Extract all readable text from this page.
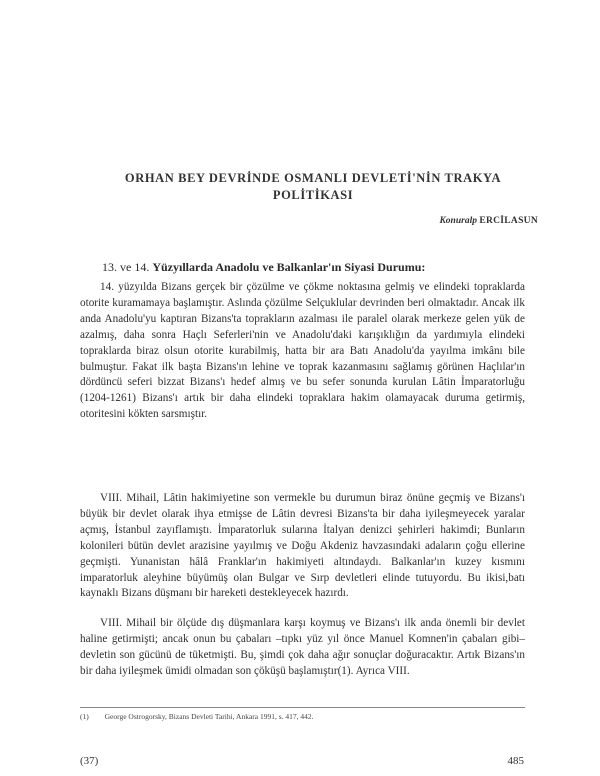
ORHAN BEY DEVRİNDE OSMANLI DEVLETİ'NİN TRAKYA
POLİTİKASI
Konuralp ERCİLASUN
13. ve 14. Yüzyıllarda Anadolu ve Balkanlar'ın Siyasi Durumu:

14. yüzyılda Bizans gerçek bir çözülme ve çökme noktasına gelmiş ve elindeki topraklarda otorite kuramamaya başlamıştır. Aslında çözülme Selçuklular devrinden beri olmaktadır. Ancak ilk anda Anadolu'yu kaptıran Bizans'ta toprakların azalması ile paralel olarak merkeze gelen yük de azalmış, daha sonra Haçlı Seferleri'nin ve Anadolu'daki karışıklığın da yardımıyla elindeki topraklarda biraz olsun otorite kurabilmiş, hatta bir ara Batı Anadolu'da yayılma imkânı bile bulmuştur. Fakat ilk başta Bizans'ın lehine ve toprak kazanmasını sağlamış görünen Haçlılar'ın dördüncü seferi bizzat Bizans'ı hedef almış ve bu sefer sonunda kurulan Lâtin İmparatorluğu (1204-1261) Bizans'ı artık bir daha elindeki topraklara hakim olamayacak duruma getirmiş, otoritesini kökten sarsmıştır.

VIII. Mihail, Lâtin hakimiyetine son vermekle bu durumun biraz önüne geçmiş ve Bizans'ı büyük bir devlet olarak ihya etmişse de Lâtin devresi Bizans'ta bir daha iyileşmeyecek yaralar açmış, İstanbul zayıflamıştı. İmparatorluk sularına İtalyan denizci şehirleri hakimdi; Bunların kolonileri bütün devlet arazisine yayılmış ve Doğu Akdeniz havzasındaki adaların çoğu ellerine geçmişti. Yunanistan hâlâ Franklar'ın hakimiyeti altındaydı. Balkanlar'ın kuzey kısmını imparatorluk aleyhine büyümüş olan Bulgar ve Sırp devletleri elinde tutuyordu. Bu ikisi,batı kaynaklı Bizans düşmanı bir hareketi destekleyecek hazırdı.

VIII. Mihail bir ölçüde dış düşmanlara karşı koymuş ve Bizans'ı ilk anda önemli bir devlet haline getirmişti; ancak onun bu çabaları –tıpkı yüz yıl önce Manuel Komnen'in çabaları gibi– devletin son gücünü de tüketmişti. Bu, şimdi çok daha ağır sonuçlar doğuracaktır. Artık Bizans'ın bir daha iyileşmek ümidi olmadan son çöküşü başlamıştır(1). Ayrıca VIII.

(1) George Ostrogorsky, Bizans Devleti Tarihi, Ankara 1991, s. 417, 442.
(37)	485
